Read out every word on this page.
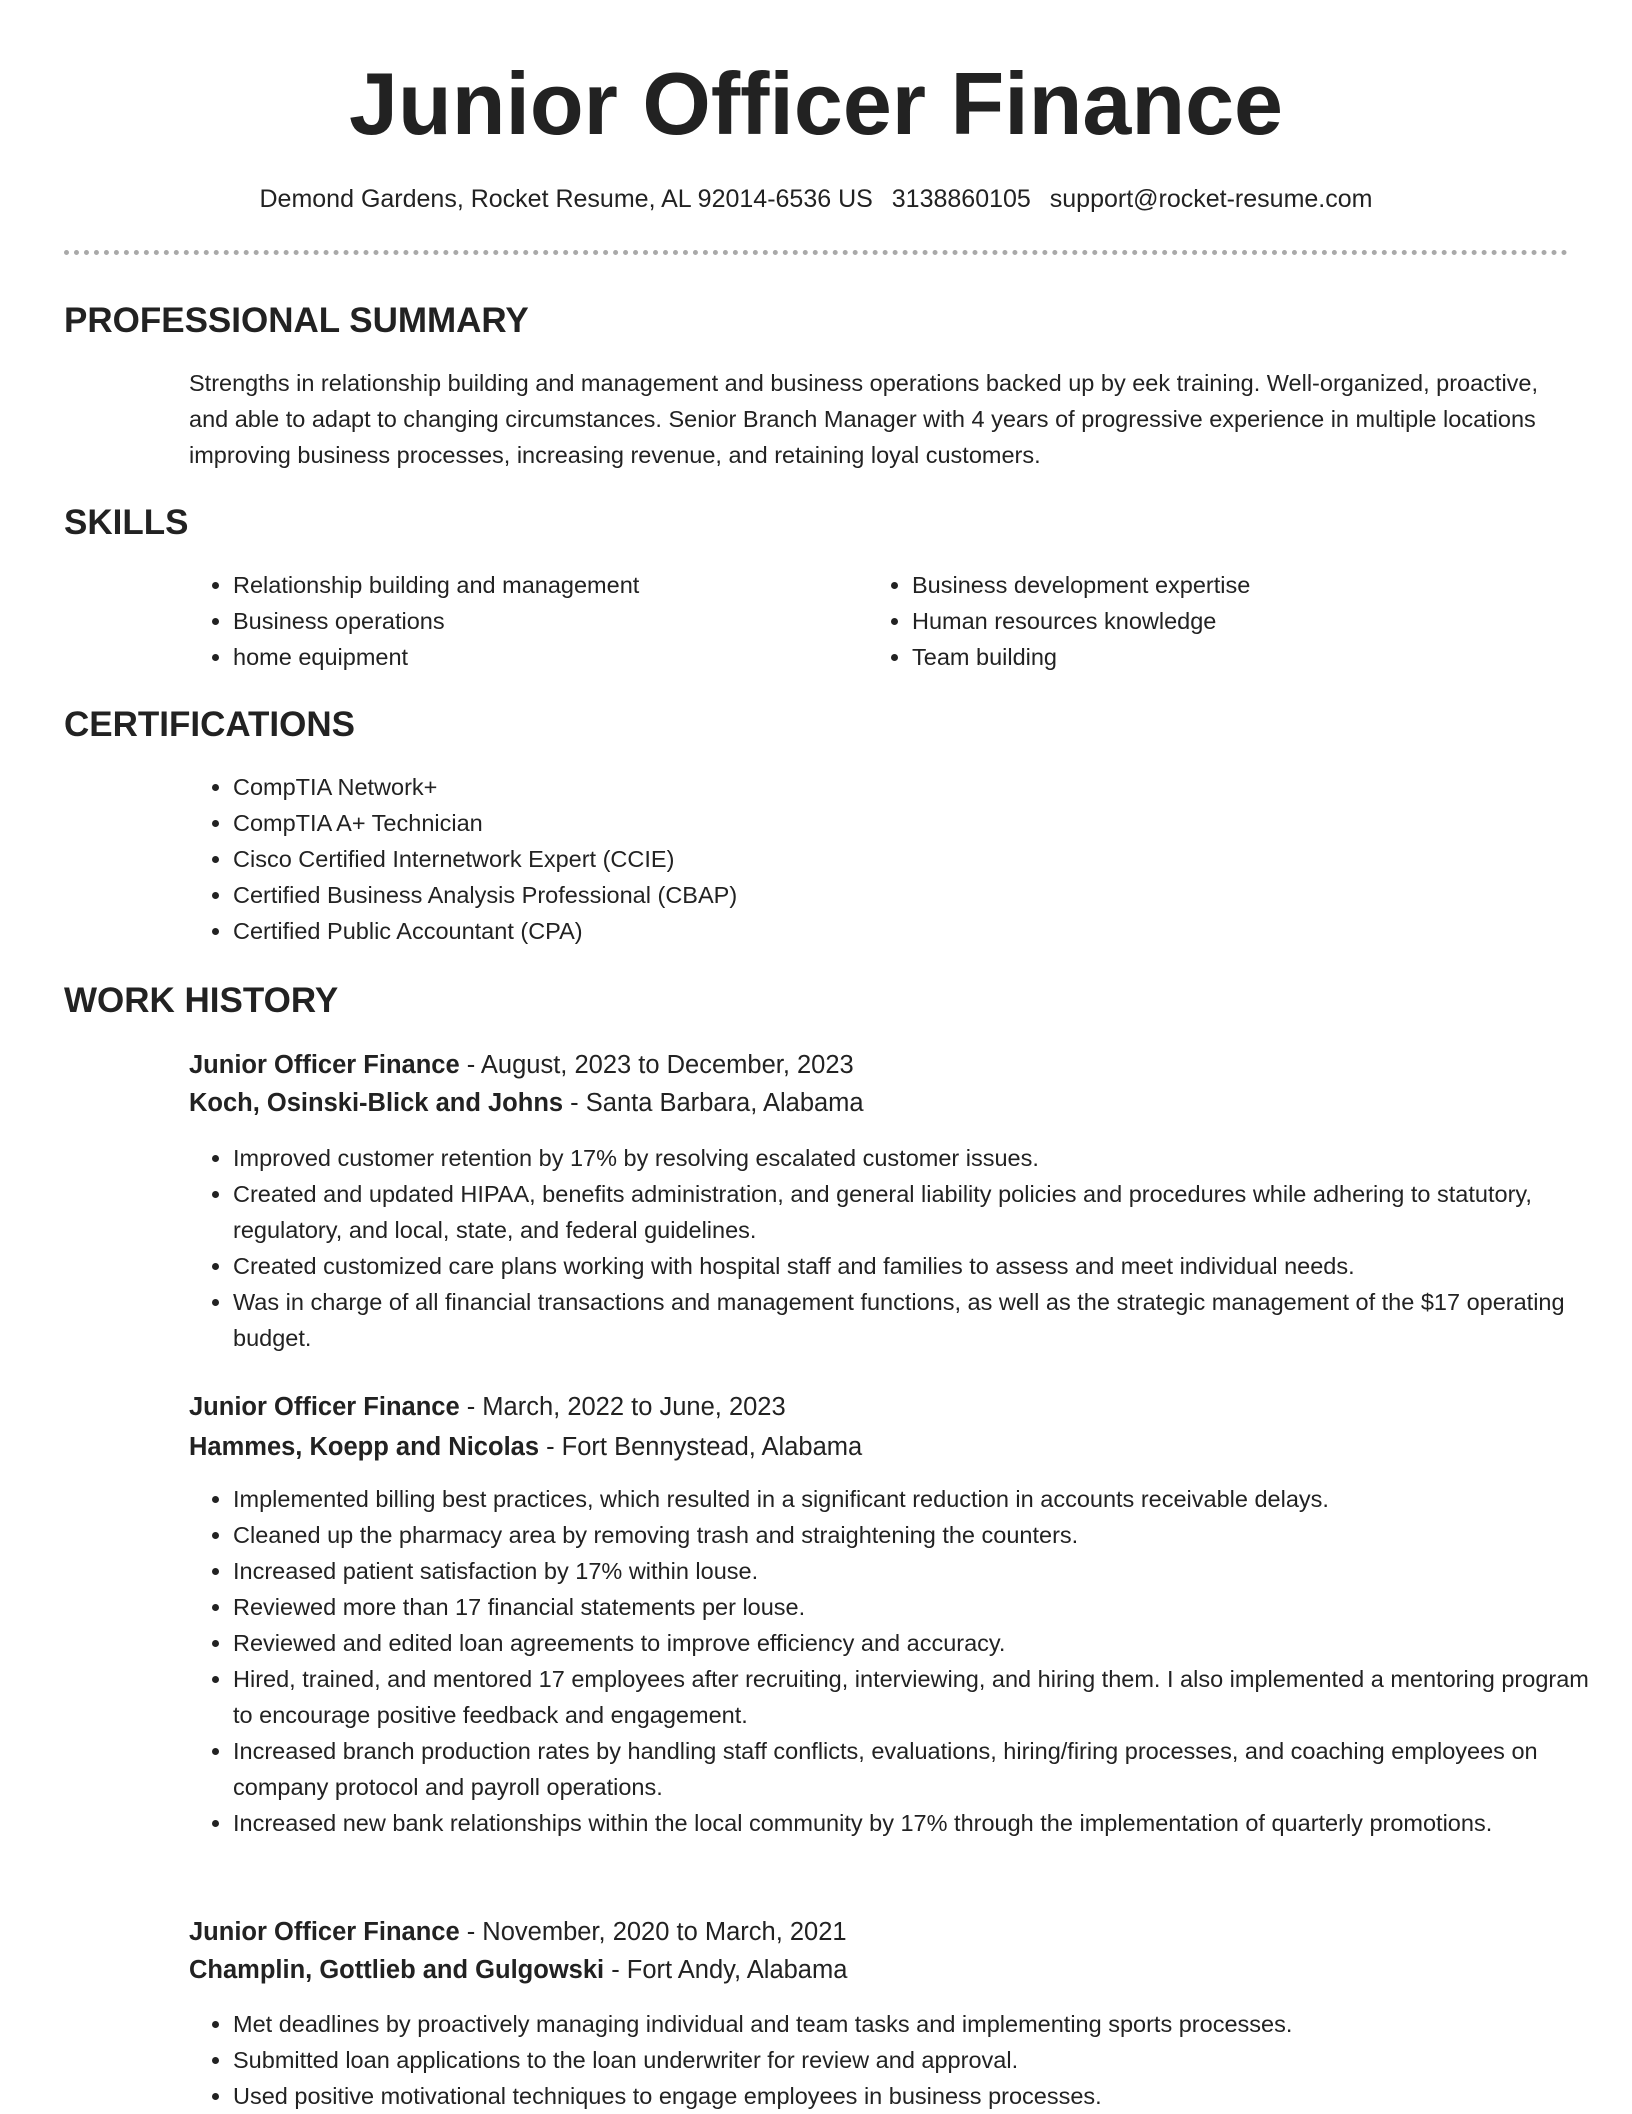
Junior Officer Finance
Demond Gardens, Rocket Resume, AL 92014-6536 US 3138860105 support@rocket-resume.com
PROFESSIONAL SUMMARY

Strengths in relationship building and management and business operations backed up by eek training. Well-organized, proactive, and able to adapt to changing circumstances. Senior Branch Manager with 4 years of progressive experience in multiple locations improving business processes, increasing revenue, and retaining loyal customers.

SKILLS
• Relationship building and management
• Business operations
• home equipment
• Business development expertise
• Human resources knowledge
• Team building
CERTIFICATIONS
• CompTIA Network+
• CompTIA A+ Technician
• Cisco Certified Internetwork Expert (CCIE)
• Certified Business Analysis Professional (CBAP)
• Certified Public Accountant (CPA)
WORK HISTORY
Junior Officer Finance - August, 2023 to December, 2023
Koch, Osinski-Blick and Johns - Santa Barbara, Alabama
• Improved customer retention by 17% by resolving escalated customer issues.
• Created and updated HIPAA, benefits administration, and general liability policies and procedures while adhering to statutory, regulatory, and local, state, and federal guidelines.
• Created customized care plans working with hospital staff and families to assess and meet individual needs.
• Was in charge of all financial transactions and management functions, as well as the strategic management of the $17 operating budget.
Junior Officer Finance - March, 2022 to June, 2023
Hammes, Koepp and Nicolas - Fort Bennystead, Alabama
• Implemented billing best practices, which resulted in a significant reduction in accounts receivable delays.
• Cleaned up the pharmacy area by removing trash and straightening the counters.
• Increased patient satisfaction by 17% within louse.
• Reviewed more than 17 financial statements per louse.
• Reviewed and edited loan agreements to improve efficiency and accuracy.
• Hired, trained, and mentored 17 employees after recruiting, interviewing, and hiring them. I also implemented a mentoring program to encourage positive feedback and engagement.
• Increased branch production rates by handling staff conflicts, evaluations, hiring/firing processes, and coaching employees on company protocol and payroll operations.
• Increased new bank relationships within the local community by 17% through the implementation of quarterly promotions.
Junior Officer Finance - November, 2020 to March, 2021
Champlin, Gottlieb and Gulgowski - Fort Andy, Alabama
• Met deadlines by proactively managing individual and team tasks and implementing sports processes.
• Submitted loan applications to the loan underwriter for review and approval.
• Used positive motivational techniques to engage employees in business processes.
